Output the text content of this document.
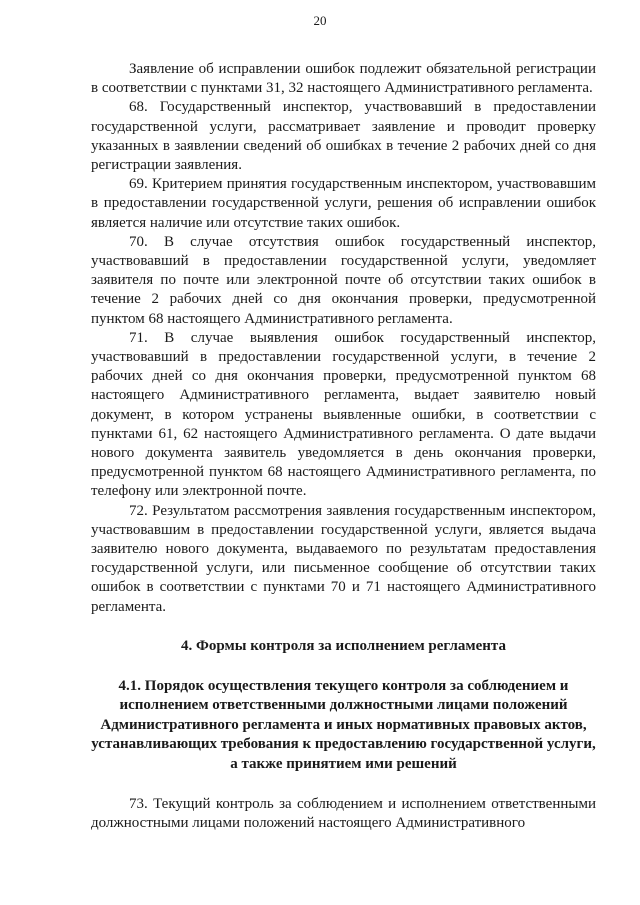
20

Заявление об исправлении ошибок подлежит обязательной регистрации в соответствии с пунктами 31, 32 настоящего Административного регламента.

68. Государственный инспектор, участвовавший в предоставлении государственной услуги, рассматривает заявление и проводит проверку указанных в заявлении сведений об ошибках в течение 2 рабочих дней со дня регистрации заявления.

69. Критерием принятия государственным инспектором, участвовавшим в предоставлении государственной услуги, решения об исправлении ошибок является наличие или отсутствие таких ошибок.

70. В случае отсутствия ошибок государственный инспектор, участвовавший в предоставлении государственной услуги, уведомляет заявителя по почте или электронной почте об отсутствии таких ошибок в течение 2 рабочих дней со дня окончания проверки, предусмотренной пунктом 68 настоящего Административного регламента.

71. В случае выявления ошибок государственный инспектор, участвовавший в предоставлении государственной услуги, в течение 2 рабочих дней со дня окончания проверки, предусмотренной пунктом 68 настоящего Административного регламента, выдает заявителю новый документ, в котором устранены выявленные ошибки, в соответствии с пунктами 61, 62 настоящего Административного регламента. О дате выдачи нового документа заявитель уведомляется в день окончания проверки, предусмотренной пунктом 68 настоящего Административного регламента, по телефону или электронной почте.

72. Результатом рассмотрения заявления государственным инспектором, участвовавшим в предоставлении государственной услуги, является выдача заявителю нового документа, выдаваемого по результатам предоставления государственной услуги, или письменное сообщение об отсутствии таких ошибок в соответствии с пунктами 70 и 71 настоящего Административного регламента.

4. Формы контроля за исполнением регламента
4.1. Порядок осуществления текущего контроля за соблюдением и исполнением ответственными должностными лицами положений Административного регламента и иных нормативных правовых актов, устанавливающих требования к предоставлению государственной услуги, а также принятием ими решений

73. Текущий контроль за соблюдением и исполнением ответственными должностными лицами положений настоящего Административного
